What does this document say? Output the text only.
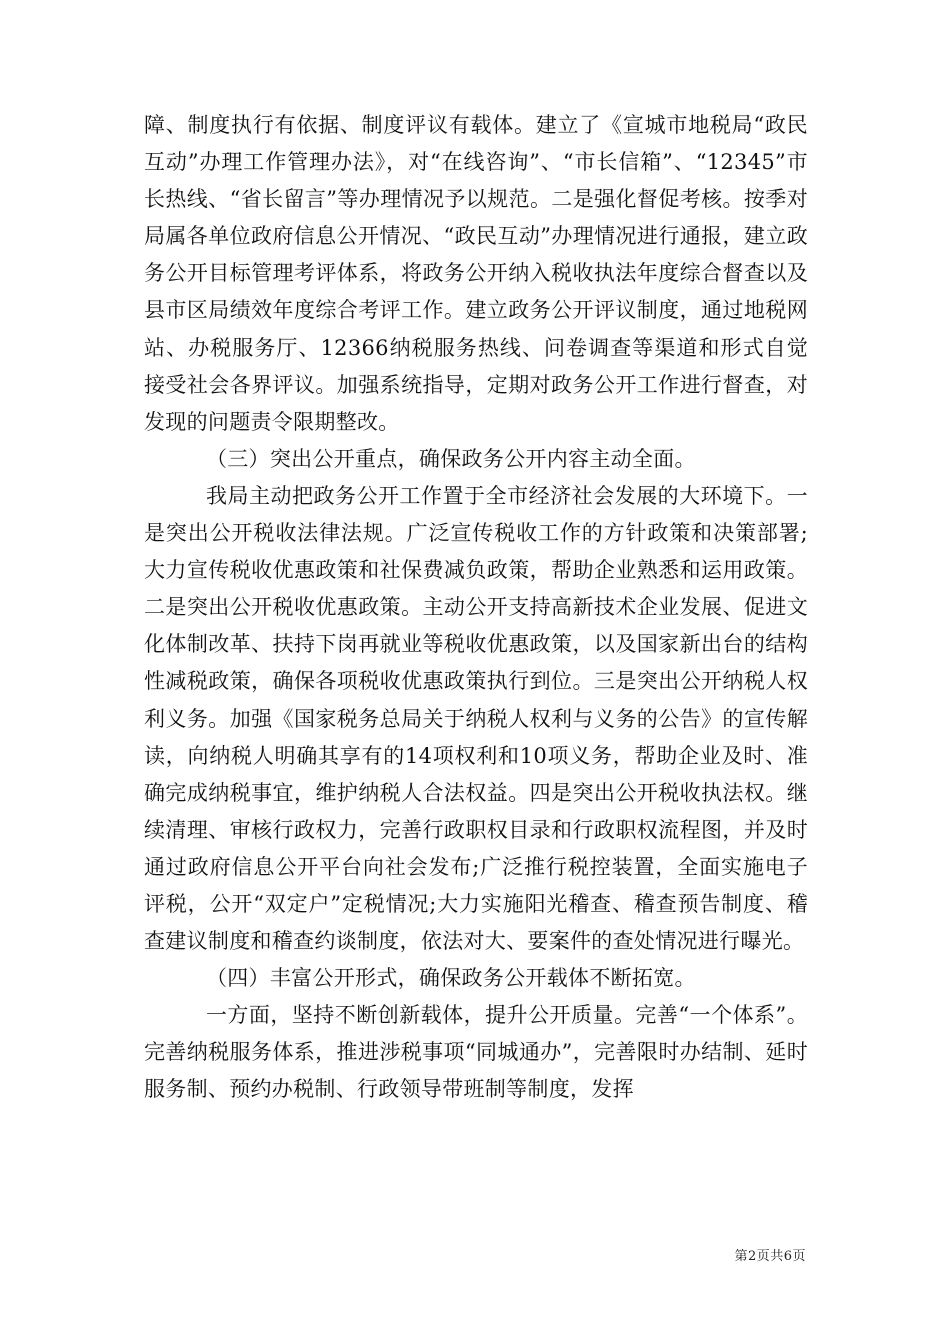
障、制度执行有依据、制度评议有载体。建立了《宣城市地税局“政民互动”办理工作管理办法》，对“在线咨询”、“市长信箱”、“12345”市长热线、“省长留言”等办理情况予以规范。二是强化督促考核。按季对局属各单位政府信息公开情况、“政民互动”办理情况进行通报，建立政务公开目标管理考评体系，将政务公开纳入税收执法年度综合督查以及县市区局绩效年度综合考评工作。建立政务公开评议制度，通过地税网站、办税服务厅、12366纳税服务热线、问卷调查等渠道和形式自觉接受社会各界评议。加强系统指导，定期对政务公开工作进行督查，对发现的问题责令限期整改。

（三）突出公开重点，确保政务公开内容主动全面。

我局主动把政务公开工作置于全市经济社会发展的大环境下。一是突出公开税收法律法规。广泛宣传税收工作的方针政策和决策部署;大力宣传税收优惠政策和社保费减负政策，帮助企业熟悉和运用政策。二是突出公开税收优惠政策。主动公开支持高新技术企业发展、促进文化体制改革、扶持下岗再就业等税收优惠政策，以及国家新出台的结构性减税政策，确保各项税收优惠政策执行到位。三是突出公开纳税人权利义务。加强《国家税务总局关于纳税人权利与义务的公告》的宣传解读，向纳税人明确其享有的14项权利和10项义务，帮助企业及时、准确完成纳税事宜，维护纳税人合法权益。四是突出公开税收执法权。继续清理、审核行政权力，完善行政职权目录和行政职权流程图，并及时通过政府信息公开平台向社会发布;广泛推行税控装置，全面实施电子评税，公开“双定户”定税情况;大力实施阳光稽查、稽查预告制度、稽查建议制度和稽查约谈制度，依法对大、要案件的查处情况进行曝光。

（四）丰富公开形式，确保政务公开载体不断拓宽。

一方面，坚持不断创新载体，提升公开质量。完善“一个体系”。完善纳税服务体系，推进涉税事项“同城通办”，完善限时办结制、延时服务制、预约办税制、行政领导带班制等制度，发挥

第2页共6页
